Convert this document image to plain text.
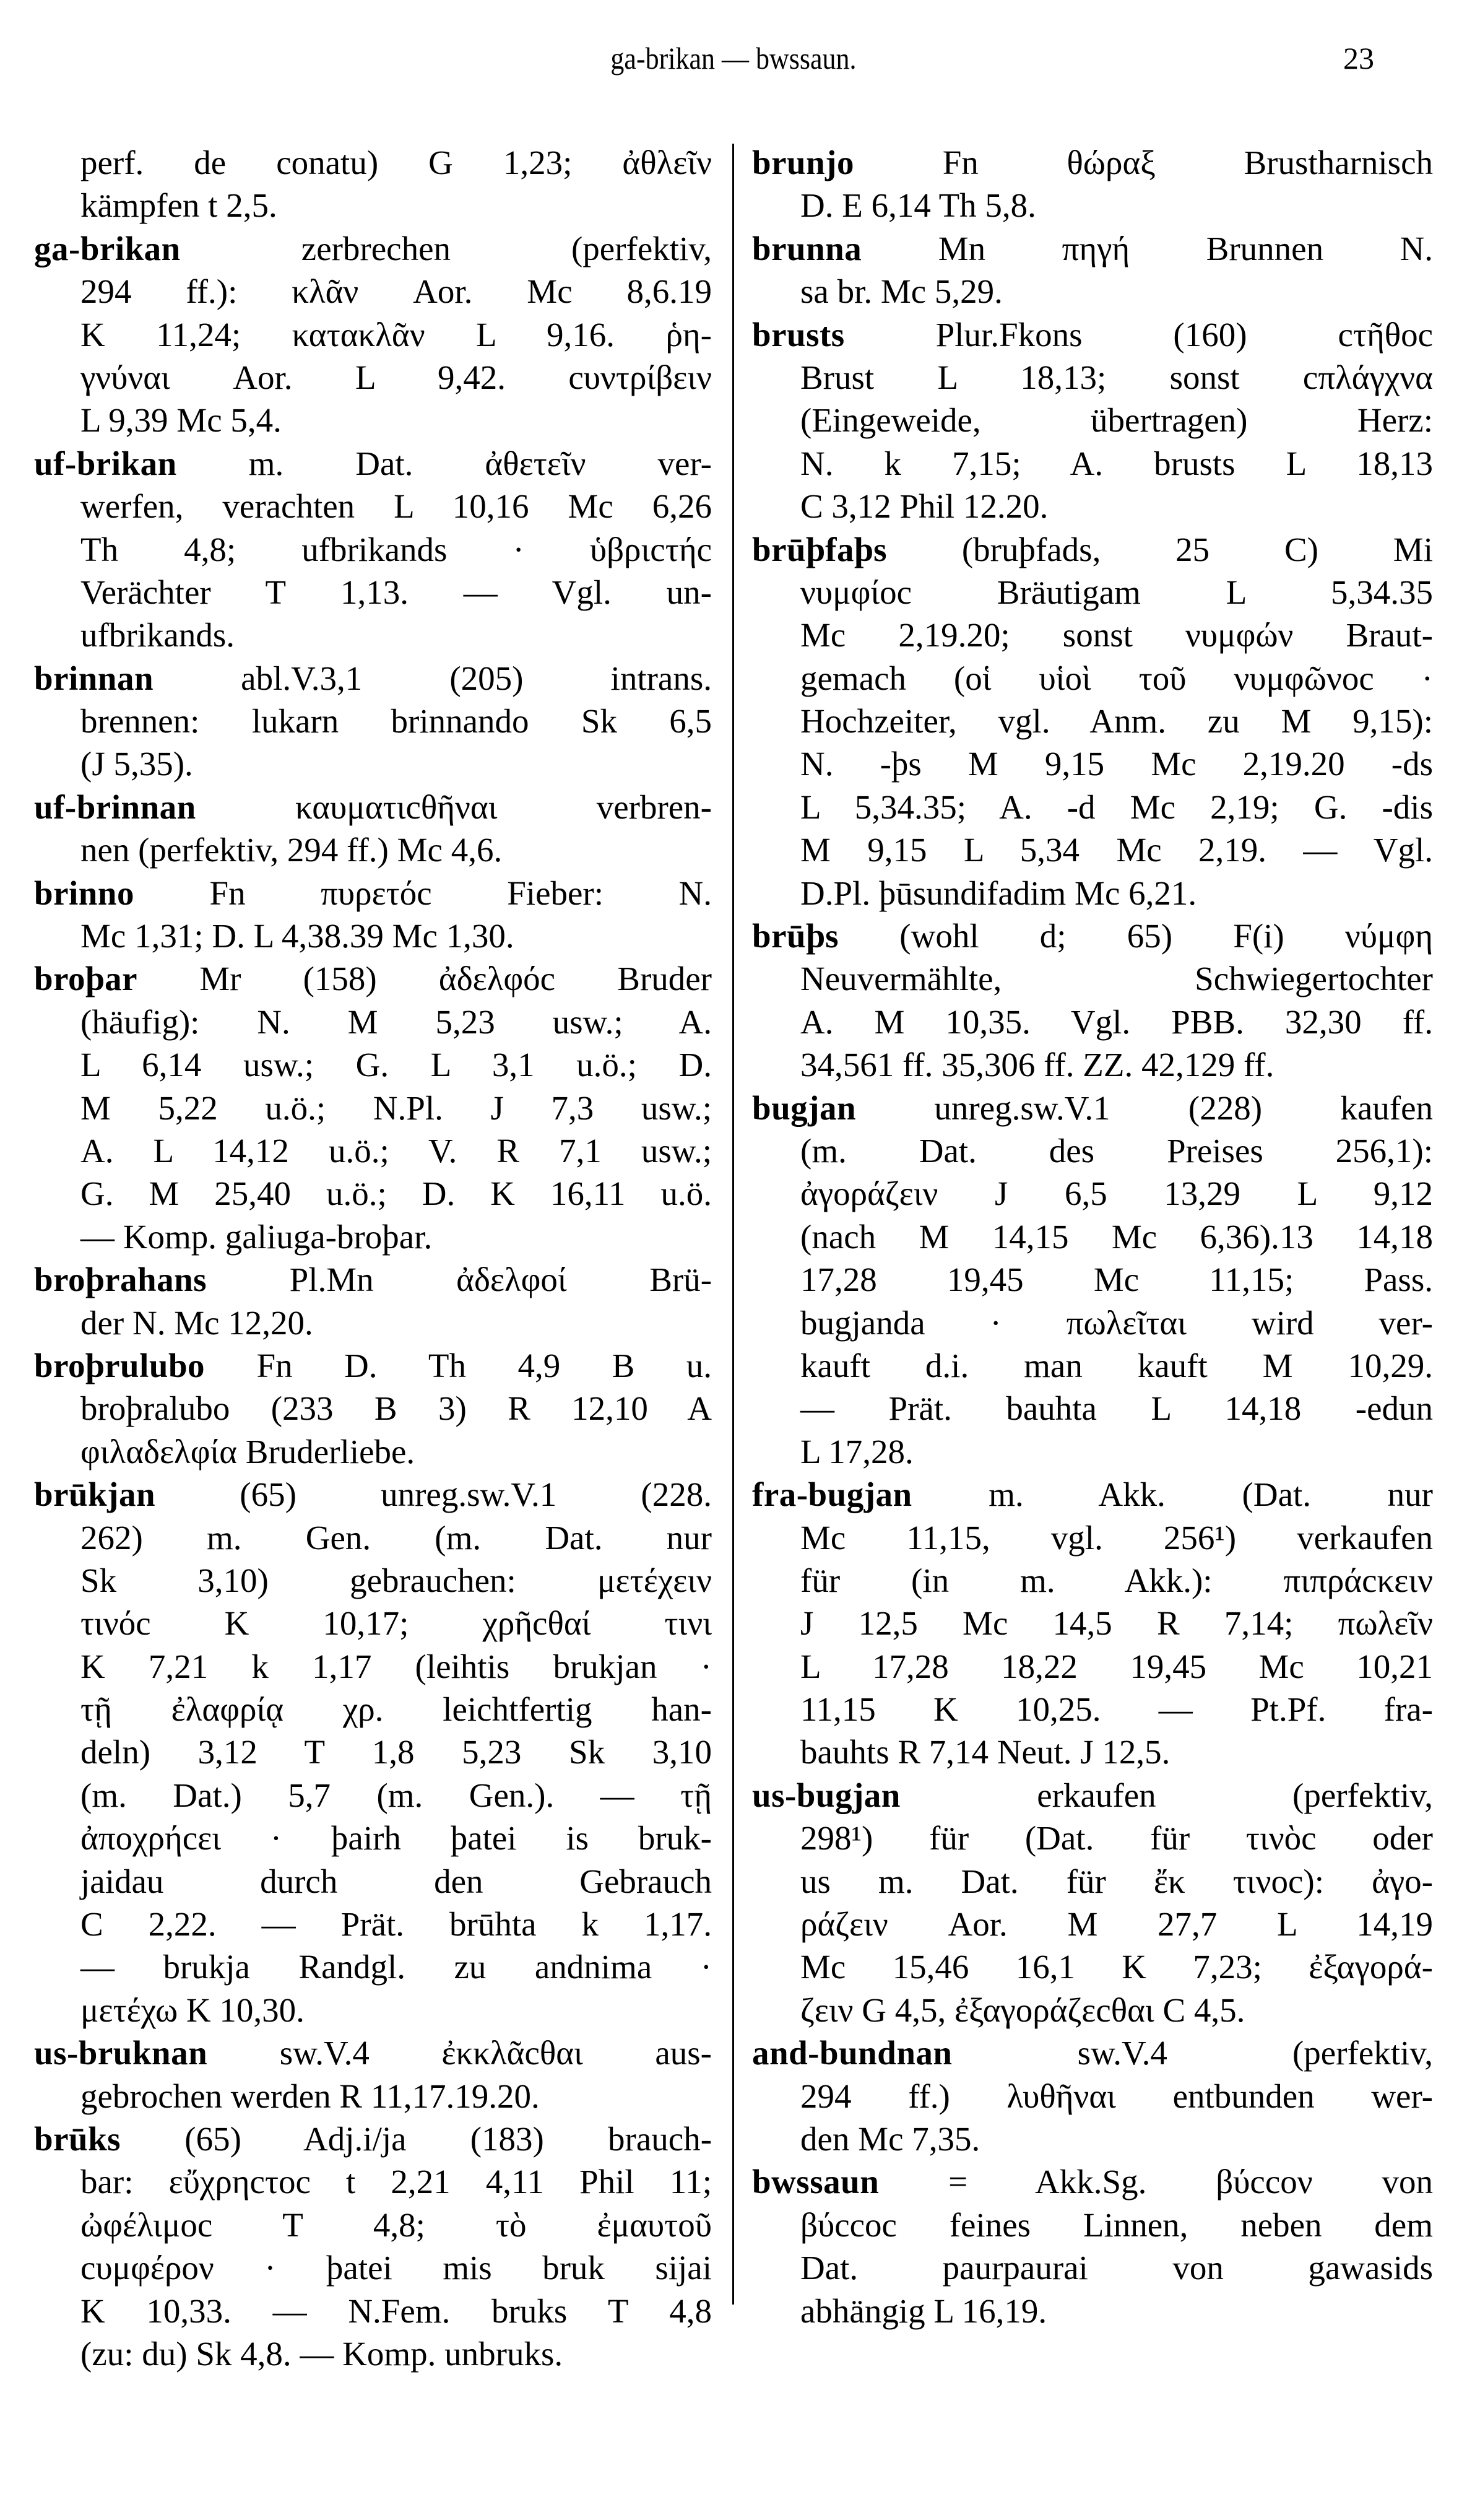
ga-brikan — bwssaun.	23
perf. de conatu) G 1,23; ἀθλεῖν
kämpfen t 2,5.
ga-brikan	zerbrechen (perfektiv,
294 ff.): κλᾶν Aor. Mc 8,6.19
K 11,24; κατακλᾶν L 9,16. ῥη-
γνύναι Aor. L 9,42. cυντρίβειν
L 9,39 Mc 5,4.
uf-brikan m. Dat. ἀθετεῖν ver-
werfen, verachten L 10,16 Mc 6,26
Th 4,8; ufbrikands · ὑβριcτήc
Verächter T 1,13. — Vgl. un-
ufbrikands.
brinnan	abl.V.3,1 (205) intrans.
brennen: lukarn brinnando Sk 6,5
(J 5,35).
uf-brinnan	καυματιcθῆναι verbren-
nen (perfektiv, 294 ff.) Mc 4,6.
brinno Fn πυρετόc Fieber: N.
Mc 1,31; D. L 4,38.39 Mc 1,30.
broþar Mr (158) ἀδελφόc Bruder
(häufig): N. M 5,23 usw.; A.
L 6,14 usw.; G. L 3,1 u.ö.; D.
M 5,22 u.ö.; N.Pl. J 7,3 usw.;
A. L 14,12 u.ö.; V. R 7,1 usw.;
G. M 25,40 u.ö.; D. K 16,11 u.ö.
— Komp. galiuga-broþar.
broþrahans Pl.Mn ἀδελφοί Brü-
der N. Mc 12,20.
broþrulubo Fn D. Th 4,9 B u.
broþralubo (233 B 3) R 12,10 A
φιλαδελφία Bruderliebe.
brūkjan (65) unreg.sw.V.1 (228.
262) m. Gen. (m. Dat. nur
Sk 3,10) gebrauchen: μετέχειν
τινόc K 10,17; χρῆcθαί τινι
K 7,21 k 1,17 (leihtis brukjan ·
τῇ ἐλαφρίᾳ χρ. leichtfertig han-
deln) 3,12 T 1,8 5,23 Sk 3,10
(m. Dat.) 5,7 (m. Gen.). — τῇ
ἀποχρήcει · þairh þatei is bruk-
jaidau durch den Gebrauch
C 2,22. — Prät. brūhta k 1,17.
— brukja Randgl. zu andnima ·
μετέχω K 10,30.
us-bruknan sw.V.4 ἐκκλᾶcθαι aus-
gebrochen werden R 11,17.19.20.
brūks (65) Adj.i/ja (183) brauch-
bar: εὔχρηcτοc t 2,21 4,11 Phil 11;
ὠφέλιμοc T 4,8; τὸ ἐμαυτοῦ
cυμφέρον · þatei mis bruk sijai
K 10,33. — N.Fem. bruks T 4,8
(zu: du) Sk 4,8. — Komp. unbruks.
brunjo	Fn θώραξ Brustharnisch
D. E 6,14 Th 5,8.
brunna Mn πηγή Brunnen N.
sa br. Mc 5,29.
brusts	Plur.Fkons (160) cτῆθοc
Brust L 18,13; sonst cπλάγχνα
(Eingeweide, übertragen) Herz:
N. k 7,15; A. brusts L 18,13
C 3,12 Phil 12.20.
brūþfaþs (bruþfads, 25 C) Mi
νυμφίοc Bräutigam L 5,34.35
Mc 2,19.20; sonst νυμφών Braut-
gemach (οἱ υἱοὶ τοῦ νυμφῶνοc ·
Hochzeiter, vgl. Anm. zu M 9,15):
N. -þs M 9,15 Mc 2,19.20 -ds
L 5,34.35; A. -d Mc 2,19; G. -dis
M 9,15 L 5,34 Mc 2,19. — Vgl.
D.Pl. þūsundifadim Mc 6,21.
brūþs (wohl d; 65) F(i) νύμφη
Neuvermählte, Schwiegertochter
A. M 10,35. Vgl. PBB. 32,30 ff.
34,561 ff. 35,306 ff. ZZ. 42,129 ff.
bugjan unreg.sw.V.1 (228) kaufen
(m. Dat. des Preises 256,1):
ἀγοράζειν J 6,5 13,29 L 9,12
(nach M 14,15 Mc 6,36).13 14,18
17,28 19,45 Mc 11,15; Pass.
bugjanda · πωλεῖται wird ver-
kauft d.i. man kauft M 10,29.
— Prät. bauhta L 14,18 -edun
L 17,28.
fra-bugjan m. Akk. (Dat. nur
Mc 11,15, vgl. 256¹) verkaufen
für (in m. Akk.): πιπράcκειν
J 12,5 Mc 14,5 R 7,14; πωλεῖν
L 17,28 18,22 19,45 Mc 10,21
11,15 K 10,25. — Pt.Pf. fra-
bauhts R 7,14 Neut. J 12,5.
us-bugjan	erkaufen (perfektiv,
298¹) für (Dat. für τινὸc oder
us m. Dat. für ἔκ τινοc): ἀγο-
ράζειν Aor. M 27,7 L 14,19
Mc 15,46 16,1 K 7,23; ἐξαγορά-
ζειν G 4,5, ἐξαγοράζεcθαι C 4,5.
and-bundnan	sw.V.4 (perfektiv,
294 ff.) λυθῆναι entbunden wer-
den Mc 7,35.
bwssaun = Akk.Sg. βύccον von
βύccoc feines Linnen, neben dem
Dat. paurpaurai von gawasids
abhängig L 16,19.
